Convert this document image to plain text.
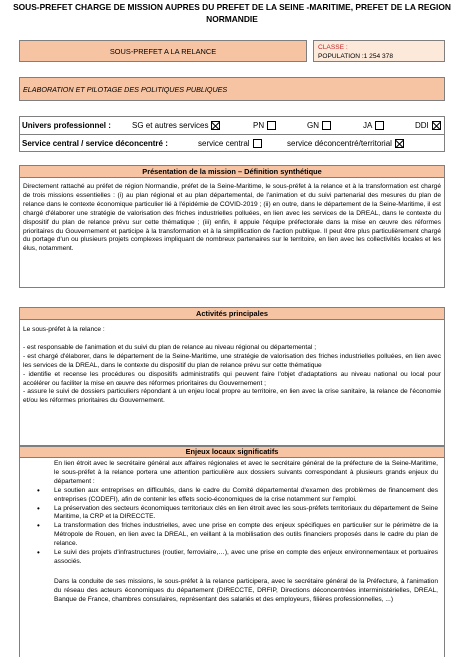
SOUS-PREFET CHARGE DE MISSION AUPRES DU PREFET DE LA SEINE -MARITIME, PREFET DE LA REGION
NORMANDIE
SOUS-PREFET A LA RELANCE	CLASSE :
POPULATION :1 254 378
ELABORATION ET PILOTAGE DES POLITIQUES PUBLIQUES
Univers professionnel :	SG et autres services	PN	GN	JA	DDI
Service central / service déconcentré :	service central	service déconcentré/territorial
Présentation de la mission – Définition synthétique

Directement rattaché au préfet de région Normandie, préfet de la Seine-Maritime, le sous-préfet à la relance et à la transformation est chargé de trois missions essentielles : (i) au plan régional et au plan départemental, de l'animation et du suivi partenarial des mesures du plan de relance dans le contexte économique particulier lié à l'épidémie de COVID-2019 ; (ii) en outre, dans le département de la Seine-Maritime, il est chargé d'élaborer une stratégie de valorisation des friches industrielles polluées, en lien avec les services de la DREAL, dans le contexte du dispositif du plan de relance prévu sur cette thématique ; (iii) enfin, il appuie l'équipe préfectorale dans la mise en œuvre des réformes prioritaires du Gouvernement et participe à la transformation et à la simplification de l'action publique. Il peut être plus particulièrement chargé du portage d'un ou plusieurs projets complexes impliquant de nombreux partenaires sur le territoire, en lien avec les collectivités locales et les élus, notamment.

Activités principales

Le sous-préfet à la relance :

- est responsable de l'animation et du suivi du plan de relance au niveau régional ou départemental ;

- est chargé d'élaborer, dans le département de la Seine-Maritime, une stratégie de valorisation des friches industrielles polluées, en lien avec les services de la DREAL, dans le contexte du dispositif du plan de relance prévu sur cette thématique

- identifie et recense les procédures ou dispositifs administratifs qui peuvent faire l'objet d'adaptations au niveau national ou local pour accélérer ou faciliter la mise en œuvre des réformes prioritaires du Gouvernement ;

- assure le suivi de dossiers particuliers répondant à un enjeu local propre au territoire, en lien avec la crise sanitaire, la relance de l'économie et/ou les réformes prioritaires du Gouvernement.

Enjeux locaux significatifs

En lien étroit avec le secrétaire général aux affaires régionales et avec le secrétaire général de la préfecture de la Seine-Maritime, le sous-préfet à la relance portera une attention particulière aux dossiers suivants correspondant à plusieurs grands enjeux du département :

• Le soutien aux entreprises en difficultés, dans le cadre du Comité départemental d'examen des problèmes de financement des entreprises (CODEFI), afin de contenir les effets socio-économiques de la crise notamment sur l'emploi.
• La préservation des secteurs économiques territoriaux clés en lien étroit avec les sous-préfets territoriaux du département de Seine Maritime, la CRP et la DIRECCTE.
• La transformation des friches industrielles, avec une prise en compte des enjeux spécifiques en particulier sur le périmètre de la Métropole de Rouen, en lien avec la DREAL, en veillant à la mobilisation des outils financiers proposés dans le cadre du plan de relance.
• Le suivi des projets d'infrastructures (routier, ferroviaire,…), avec une prise en compte des enjeux environnementaux et portuaires associés.

Dans la conduite de ses missions, le sous-préfet à la relance participera, avec le secrétaire général de la Préfecture, à l'animation du réseau des acteurs économiques du département (DIRECCTE, DRFIP, Directions déconcentrées interministérielles, DREAL, Banque de France, chambres consulaires, représentant des salariés et des employeurs, filières professionnelles, ...)
